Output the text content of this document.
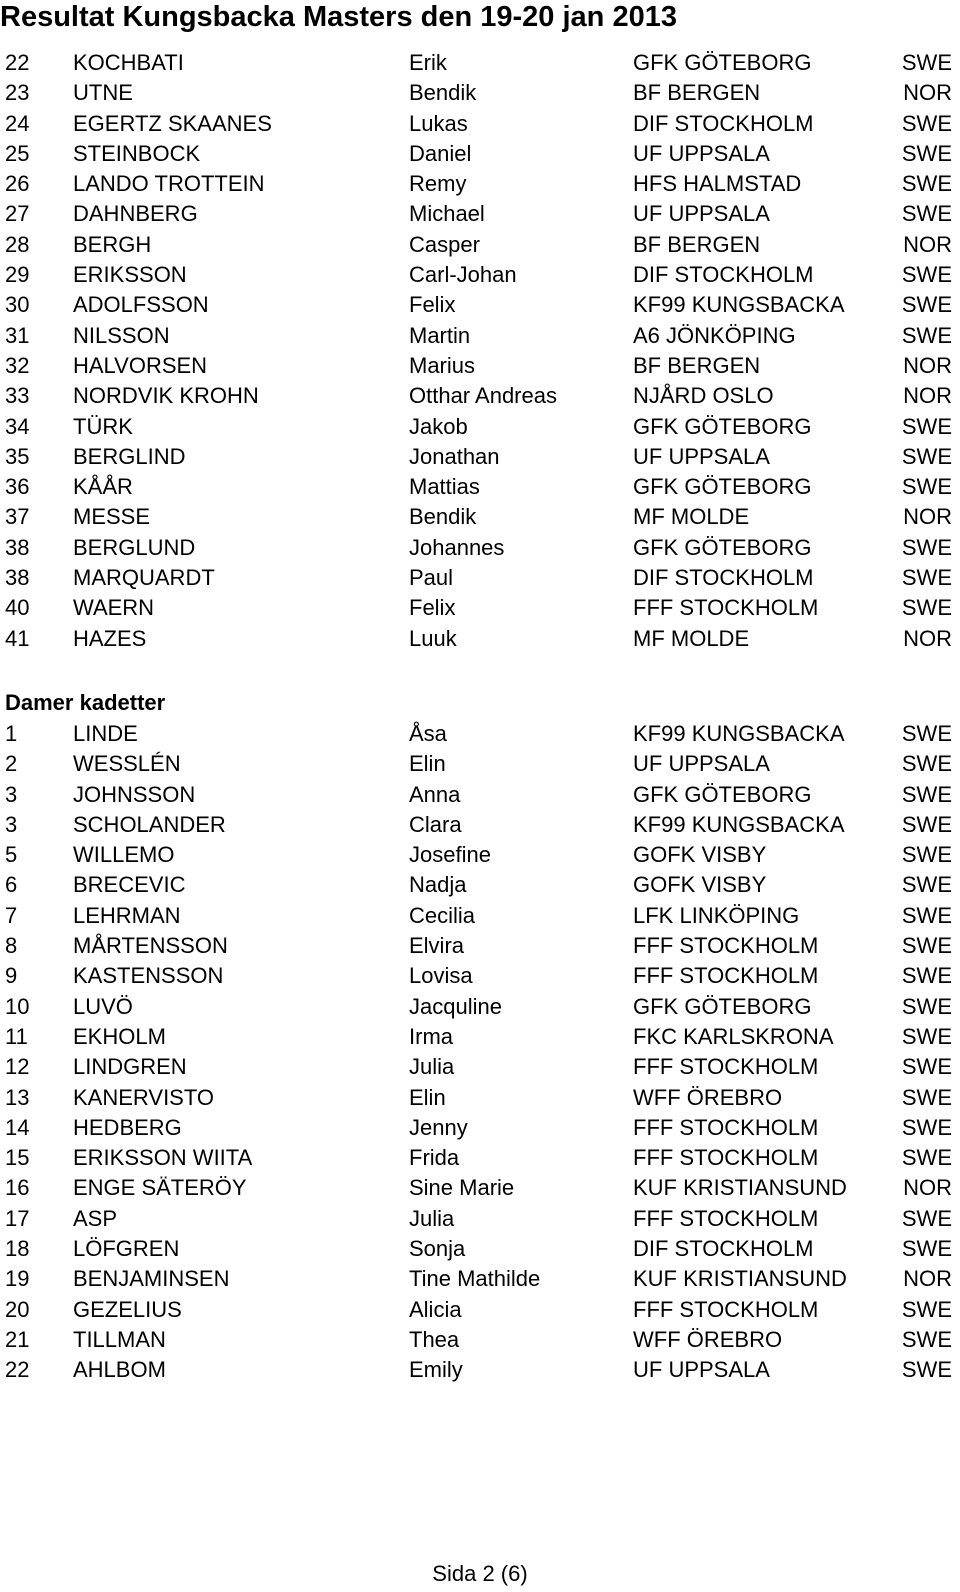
Resultat Kungsbacka Masters den 19-20 jan 2013
22 KOCHBATI	Erik	GFK GÖTEBORG	SWE
23 UTNE	Bendik	BF BERGEN	NOR
24 EGERTZ SKAANES	Lukas	DIF STOCKHOLM	SWE
25 STEINBOCK	Daniel	UF UPPSALA	SWE
26 LANDO TROTTEIN	Remy	HFS HALMSTAD	SWE
27 DAHNBERG	Michael	UF UPPSALA	SWE
28 BERGH	Casper	BF BERGEN	NOR
29 ERIKSSON	Carl-Johan	DIF STOCKHOLM	SWE
30 ADOLFSSON	Felix	KF99 KUNGSBACKA	SWE
31 NILSSON	Martin	A6 JÖNKÖPING	SWE
32 HALVORSEN	Marius	BF BERGEN	NOR
33 NORDVIK KROHN	Otthar Andreas	NJÅRD OSLO	NOR
34 TÜRK	Jakob	GFK GÖTEBORG	SWE
35 BERGLIND	Jonathan	UF UPPSALA	SWE
36 KÅÅR	Mattias	GFK GÖTEBORG	SWE
37 MESSE	Bendik	MF MOLDE	NOR
38 BERGLUND	Johannes	GFK GÖTEBORG	SWE
38 MARQUARDT	Paul	DIF STOCKHOLM	SWE
40 WAERN	Felix	FFF STOCKHOLM	SWE
41 HAZES	Luuk	MF MOLDE	NOR
Damer kadetter
1	LINDE	Åsa	KF99 KUNGSBACKA	SWE
2	WESSLÉN	Elin	UF UPPSALA	SWE
3	JOHNSSON	Anna	GFK GÖTEBORG	SWE
3	SCHOLANDER	Clara	KF99 KUNGSBACKA	SWE
5	WILLEMO	Josefine	GOFK VISBY	SWE
6	BRECEVIC	Nadja	GOFK VISBY	SWE
7	LEHRMAN	Cecilia	LFK LINKÖPING	SWE
8	MÅRTENSSON	Elvira	FFF STOCKHOLM	SWE
9	KASTENSSON	Lovisa	FFF STOCKHOLM	SWE
10 LUVÖ	Jacquline	GFK GÖTEBORG	SWE
11 EKHOLM	Irma	FKC KARLSKRONA	SWE
12 LINDGREN	Julia	FFF STOCKHOLM	SWE
13 KANERVISTO	Elin	WFF ÖREBRO	SWE
14 HEDBERG	Jenny	FFF STOCKHOLM	SWE
15 ERIKSSON WIITA	Frida	FFF STOCKHOLM	SWE
16 ENGE SÄTERÖY	Sine Marie	KUF KRISTIANSUND	NOR
17 ASP	Julia	FFF STOCKHOLM	SWE
18 LÖFGREN	Sonja	DIF STOCKHOLM	SWE
19 BENJAMINSEN	Tine Mathilde	KUF KRISTIANSUND	NOR
20 GEZELIUS	Alicia	FFF STOCKHOLM	SWE
21 TILLMAN	Thea	WFF ÖREBRO	SWE
22 AHLBOM	Emily	UF UPPSALA	SWE
Sida 2 (6)
